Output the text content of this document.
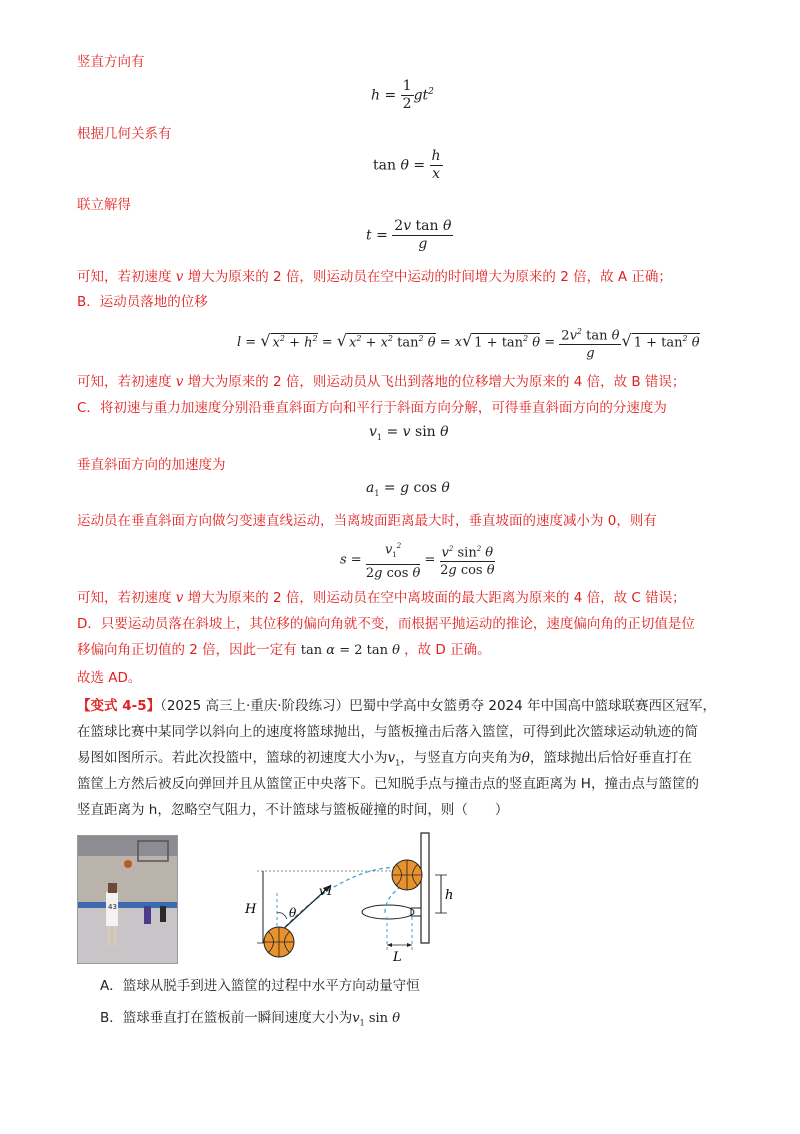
竖直方向有
$h = \frac{1}{2} gt^2$
根据几何关系有
$\tan \theta = \frac{h}{x}$
联立解得
$t = \frac{\text{2v tan θ}}{g}$
可知，若初速度 v 增大为原来的 2 倍，则运动员在空中运动的时间增大为原来的 2 倍，故 A 正确；
B．运动员落地的位移
l = √ $x^2 + h^2$ = √ $x^2 + x^2$ $\tan^2 \theta = x√$ $1 + \tan^2 \theta = \frac{2v^2 \tan \theta}{g}$ √ $1 + \tan^2 \theta$
可知，若初速度 v 增大为原来的 2 倍，则运动员从飞出到落地的位移增大为原来的 4 倍，故 B 错误；
C．将初速与重力加速度分别沿垂直斜面方向和平行于斜面方向分解，可得垂直斜面方向的分速度为
$v_1 = v$ sin θ
垂直斜面方向的加速度为
$a_1 = g$ cos θ
运动员在垂直斜面方向做匀变速直线运动，当离坡面距离最大时，垂直坡面的速度减小为 0，则有
$s = \frac{v_1^2}{\text{2g cos θ}} = \frac{v^2 \sin^2 \theta}{\text{2g cos θ}}$
可知，若初速度 v 增大为原来的 2 倍，则运动员在空中离坡面的最大距离为原来的 4 倍，故 C 错误；
D．只要运动员落在斜坡上，其位移的偏向角就不变，而根据平抛运动的推论，速度偏向角的正切值是位
移偏向角正切值的 2 倍，因此一定有 tan α = 2 tan θ ，故 D 正确。
故选 AD。
【变式 4-5】（2025 高三上·重庆·阶段练习）巴蜀中学高中女篮勇夺 2024 年中国高中篮球联赛西区冠军，
在篮球比赛中某同学以斜向上的速度将篮球抛出，与篮板撞击后落入篮筐，可得到此次篮球运动轨迹的简
易图如图所示。若此次投篮中，篮球的初速度大小为$v_1$，与竖直方向夹角为θ，篮球抛出后恰好垂直打在
篮筐上方然后被反向弹回并且从篮筐正中央落下。已知脱手点与撞击点的竖直距离为 H，撞击点与篮筐的
竖直距离为 h，忽略空气阻力，不计篮球与篮板碰撞的时间，则（　　）
43	H
h
L
v1
θ
A．篮球从脱手到进入篮筐的过程中水平方向动量守恒
B．篮球垂直打在篮板前一瞬间速度大小为$v_1$ sin θ
